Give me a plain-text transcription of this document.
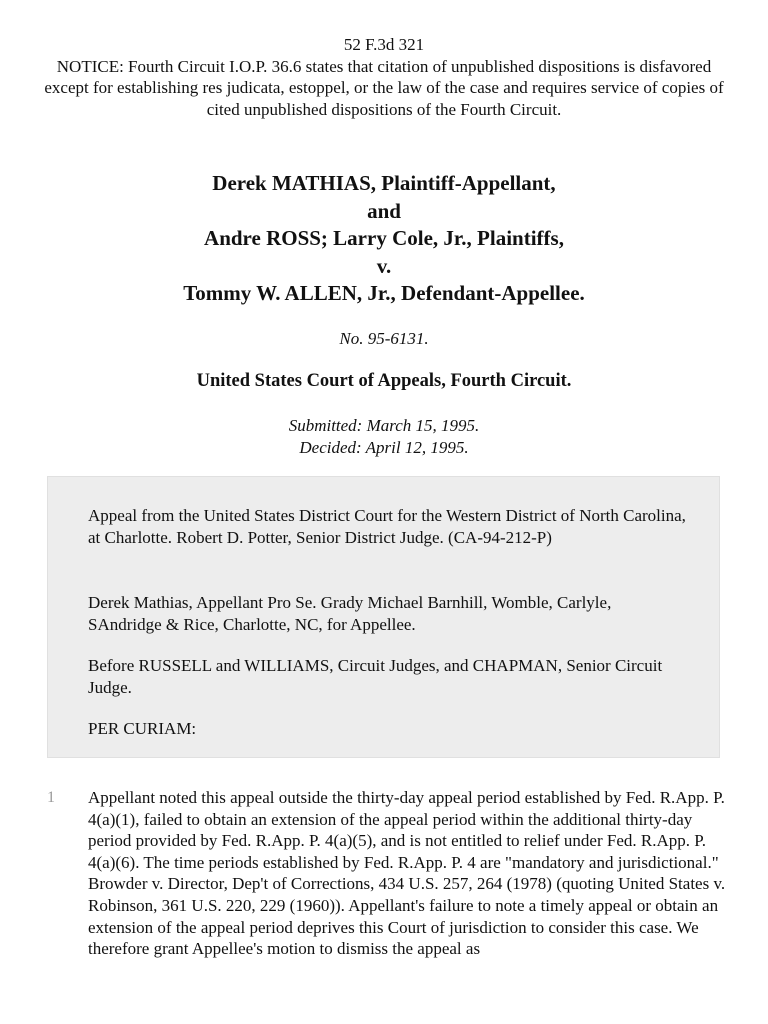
52 F.3d 321
NOTICE: Fourth Circuit I.O.P. 36.6 states that citation of unpublished dispositions is disfavored except for establishing res judicata, estoppel, or the law of the case and requires service of copies of cited unpublished dispositions of the Fourth Circuit.
Derek MATHIAS, Plaintiff-Appellant,
and
Andre ROSS; Larry Cole, Jr., Plaintiffs,
v.
Tommy W. ALLEN, Jr., Defendant-Appellee.
No. 95-6131.
United States Court of Appeals, Fourth Circuit.
Submitted: March 15, 1995.
Decided: April 12, 1995.

Appeal from the United States District Court for the Western District of North Carolina, at Charlotte. Robert D. Potter, Senior District Judge. (CA-94-212-P)

Derek Mathias, Appellant Pro Se. Grady Michael Barnhill, Womble, Carlyle, SAndridge & Rice, Charlotte, NC, for Appellee.

Before RUSSELL and WILLIAMS, Circuit Judges, and CHAPMAN, Senior Circuit Judge.

PER CURIAM:

1 Appellant noted this appeal outside the thirty-day appeal period established by Fed. R.App. P. 4(a)(1), failed to obtain an extension of the appeal period within the additional thirty-day period provided by Fed. R.App. P. 4(a)(5), and is not entitled to relief under Fed. R.App. P. 4(a)(6). The time periods established by Fed. R.App. P. 4 are "mandatory and jurisdictional." Browder v. Director, Dep't of Corrections, 434 U.S. 257, 264 (1978) (quoting United States v. Robinson, 361 U.S. 220, 229 (1960)). Appellant's failure to note a timely appeal or obtain an extension of the appeal period deprives this Court of jurisdiction to consider this case. We therefore grant Appellee's motion to dismiss the appeal as
